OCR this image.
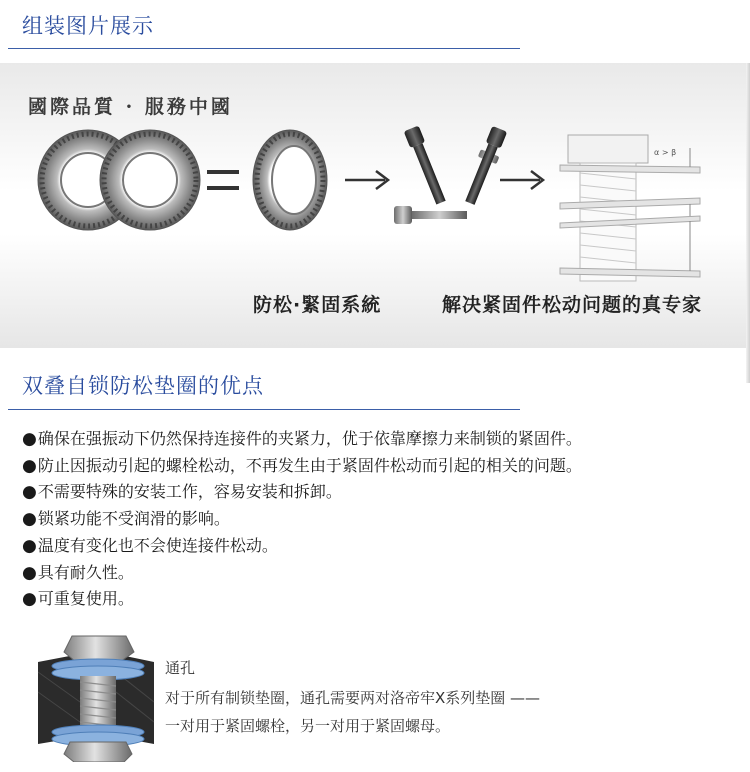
组装图片展示
α > β
國際品質 · 服務中國
防松·緊固系統	解决紧固件松动问题的真专家
双叠自锁防松垫圈的优点
●确保在强振动下仍然保持连接件的夹紧力，优于依靠摩擦力来制锁的紧固件。
●防止因振动引起的螺栓松动，不再发生由于紧固件松动而引起的相关的问题。
●不需要特殊的安装工作，容易安装和拆卸。
●锁紧功能不受润滑的影响。
●温度有变化也不会使连接件松动。
●具有耐久性。
●可重复使用。
通孔
对于所有制锁垫圈，通孔需要两对洛帝牢X系列垫圈 ——
一对用于紧固螺栓，另一对用于紧固螺母。
